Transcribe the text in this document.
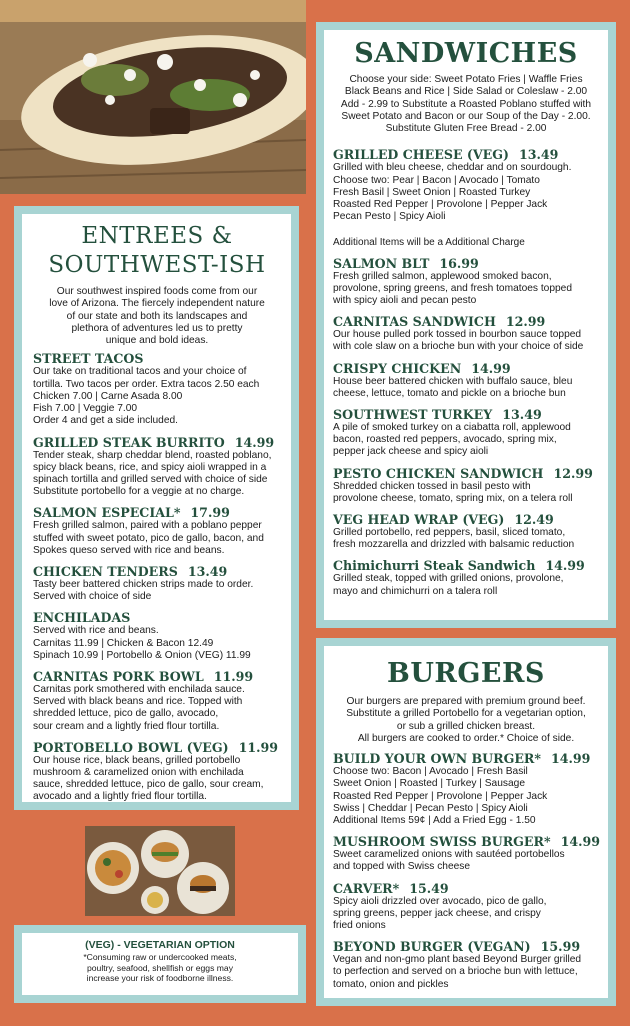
ENTREES &
SOUTHWEST-ISH
Our southwest inspired foods come from our
love of Arizona. The fiercely independent nature
of our state and both its landscapes and
plethora of adventures led us to pretty
unique and bold ideas.
STREET TACOS
Our take on traditional tacos and your choice of
tortilla. Two tacos per order. Extra tacos 2.50 each
Chicken 7.00 | Carne Asada 8.00
Fish 7.00 | Veggie 7.00
Order 4 and get a side included.
GRILLED STEAK BURRITO 14.99
Tender steak, sharp cheddar blend, roasted poblano,
spicy black beans, rice, and spicy aioli wrapped in a
spinach tortilla and grilled served with choice of side
Substitute portobello for a veggie at no charge.
SALMON ESPECIAL* 17.99
Fresh grilled salmon, paired with a poblano pepper
stuffed with sweet potato, pico de gallo, bacon, and
Spokes queso served with rice and beans.
CHICKEN TENDERS 13.49
Tasty beer battered chicken strips made to order.
Served with choice of side
ENCHILADAS
Served with rice and beans.
Carnitas 11.99 | Chicken & Bacon 12.49
Spinach 10.99 | Portobello & Onion (VEG) 11.99
CARNITAS PORK BOWL 11.99
Carnitas pork smothered with enchilada sauce.
Served with black beans and rice. Topped with
shredded lettuce, pico de gallo, avocado,
sour cream and a lightly fried flour tortilla.
PORTOBELLO BOWL (VEG) 11.99
Our house rice, black beans, grilled portobello
mushroom & caramelized onion with enchilada
sauce, shredded lettuce, pico de gallo, sour cream,
avocado and a lightly fried flour tortilla.
(VEG) - VEGETARIAN OPTION
*Consuming raw or undercooked meats,
poultry, seafood, shellfish or eggs may
increase your risk of foodborne illness.
SANDWICHES
Choose your side: Sweet Potato Fries | Waffle Fries
Black Beans and Rice | Side Salad or Coleslaw - 2.00
Add - 2.99 to Substitute a Roasted Poblano stuffed with
Sweet Potato and Bacon or our Soup of the Day - 2.00.
Substitute Gluten Free Bread - 2.00
GRILLED CHEESE (VEG) 13.49
Grilled with bleu cheese, cheddar and on sourdough.
Choose two: Pear | Bacon | Avocado | Tomato
Fresh Basil | Sweet Onion | Roasted Turkey
Roasted Red Pepper | Provolone | Pepper Jack
Pecan Pesto | Spicy Aioli
Additional Items will be a Additional Charge
SALMON BLT 16.99
Fresh grilled salmon, applewood smoked bacon,
provolone, spring greens, and fresh tomatoes topped
with spicy aioli and pecan pesto
CARNITAS SANDWICH 12.99
Our house pulled pork tossed in bourbon sauce topped
with cole slaw on a brioche bun with your choice of side
CRISPY CHICKEN 14.99
House beer battered chicken with buffalo sauce, bleu
cheese, lettuce, tomato and pickle on a brioche bun
SOUTHWEST TURKEY 13.49
A pile of smoked turkey on a ciabatta roll, applewood
bacon, roasted red peppers, avocado, spring mix,
pepper jack cheese and spicy aioli
PESTO CHICKEN SANDWICH 12.99
Shredded chicken tossed in basil pesto with
provolone cheese, tomato, spring mix, on a telera roll
VEG HEAD WRAP (VEG) 12.49
Grilled portobello, red peppers, basil, sliced tomato,
fresh mozzarella and drizzled with balsamic reduction
Chimichurri Steak Sandwich 14.99
Grilled steak, topped with grilled onions, provolone,
mayo and chimichurri on a talera roll
BURGERS
Our burgers are prepared with premium ground beef.
Substitute a grilled Portobello for a vegetarian option,
or sub a grilled chicken breast.
All burgers are cooked to order.* Choice of side.
BUILD YOUR OWN BURGER* 14.99
Choose two: Bacon | Avocado | Fresh Basil
Sweet Onion | Roasted | Turkey | Sausage
Roasted Red Pepper | Provolone | Pepper Jack
Swiss | Cheddar | Pecan Pesto | Spicy Aioli
Additional Items 59¢ | Add a Fried Egg - 1.50
MUSHROOM SWISS BURGER* 14.99
Sweet caramelized onions with sautéed portobellos
and topped with Swiss cheese
CARVER* 15.49
Spicy aioli drizzled over avocado, pico de gallo,
spring greens, pepper jack cheese, and crispy
fried onions
BEYOND BURGER (VEGAN) 15.99
Vegan and non-gmo plant based Beyond Burger grilled
to perfection and served on a brioche bun with lettuce,
tomato, onion and pickles
